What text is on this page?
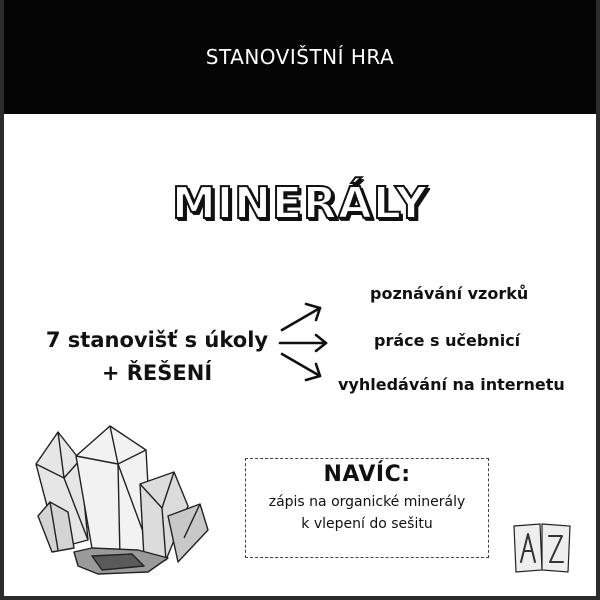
STANOVIŠTNÍ HRA
MINERÁLY
7 stanovišť s úkoly
+ ŘEŠENÍ
poznávání vzorků
práce s učebnicí
vyhledávání na internetu
NAVÍC:
zápis na organické minerály
k vlepení do sešitu
